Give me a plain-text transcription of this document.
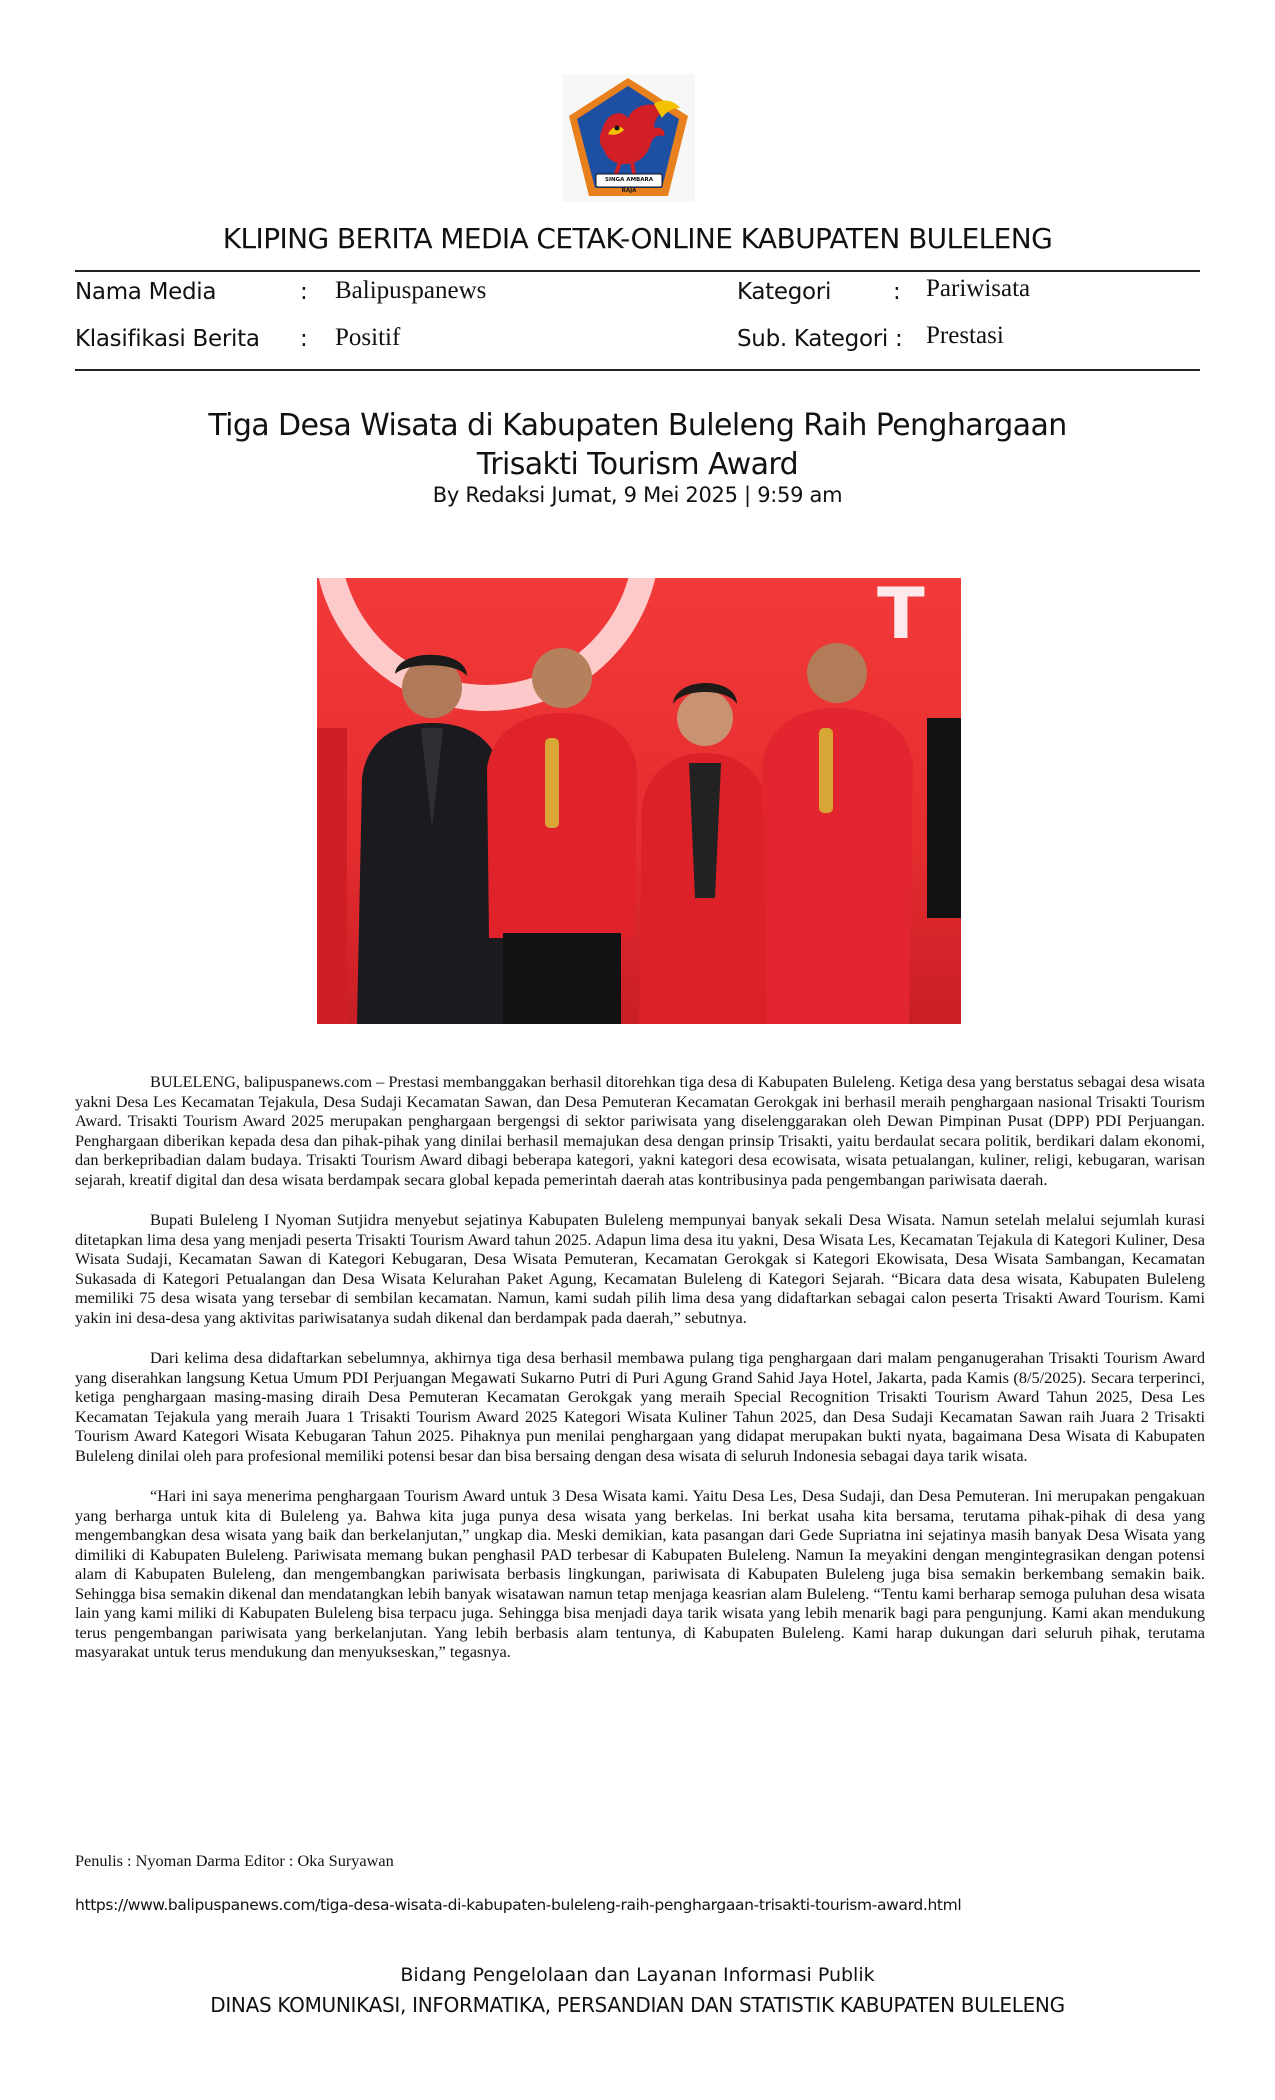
SINGA AMBARA RAJA
KLIPING BERITA MEDIA CETAK-ONLINE KABUPATEN BULELENG
Nama Media	: Balipuspanews	Kategori	: Pariwisata
Klasifikasi Berita : Positif	Sub. Kategori : Prestasi
Tiga Desa Wisata di Kabupaten Buleleng Raih Penghargaan
Trisakti Tourism Award
By Redaksi Jumat, 9 Mei 2025 | 9:59 am
T

BULELENG, balipuspanews.com – Prestasi membanggakan berhasil ditorehkan tiga desa di Kabupaten Buleleng. Ketiga desa yang berstatus sebagai desa wisata yakni Desa Les Kecamatan Tejakula, Desa Sudaji Kecamatan Sawan, dan Desa Pemuteran Kecamatan Gerokgak ini berhasil meraih penghargaan nasional Trisakti Tourism Award. Trisakti Tourism Award 2025 merupakan penghargaan bergengsi di sektor pariwisata yang diselenggarakan oleh Dewan Pimpinan Pusat (DPP) PDI Perjuangan. Penghargaan diberikan kepada desa dan pihak-pihak yang dinilai berhasil memajukan desa dengan prinsip Trisakti, yaitu berdaulat secara politik, berdikari dalam ekonomi, dan berkepribadian dalam budaya. Trisakti Tourism Award dibagi beberapa kategori, yakni kategori desa ecowisata, wisata petualangan, kuliner, religi, kebugaran, warisan sejarah, kreatif digital dan desa wisata berdampak secara global kepada pemerintah daerah atas kontribusinya pada pengembangan pariwisata daerah.

Bupati Buleleng I Nyoman Sutjidra menyebut sejatinya Kabupaten Buleleng mempunyai banyak sekali Desa Wisata. Namun setelah melalui sejumlah kurasi ditetapkan lima desa yang menjadi peserta Trisakti Tourism Award tahun 2025. Adapun lima desa itu yakni, Desa Wisata Les, Kecamatan Tejakula di Kategori Kuliner, Desa Wisata Sudaji, Kecamatan Sawan di Kategori Kebugaran, Desa Wisata Pemuteran, Kecamatan Gerokgak si Kategori Ekowisata, Desa Wisata Sambangan, Kecamatan Sukasada di Kategori Petualangan dan Desa Wisata Kelurahan Paket Agung, Kecamatan Buleleng di Kategori Sejarah. “Bicara data desa wisata, Kabupaten Buleleng memiliki 75 desa wisata yang tersebar di sembilan kecamatan. Namun, kami sudah pilih lima desa yang didaftarkan sebagai calon peserta Trisakti Award Tourism. Kami yakin ini desa-desa yang aktivitas pariwisatanya sudah dikenal dan berdampak pada daerah,” sebutnya.

Dari kelima desa didaftarkan sebelumnya, akhirnya tiga desa berhasil membawa pulang tiga penghargaan dari malam penganugerahan Trisakti Tourism Award yang diserahkan langsung Ketua Umum PDI Perjuangan Megawati Sukarno Putri di Puri Agung Grand Sahid Jaya Hotel, Jakarta, pada Kamis (8/5/2025). Secara terperinci, ketiga penghargaan masing-masing diraih Desa Pemuteran Kecamatan Gerokgak yang meraih Special Recognition Trisakti Tourism Award Tahun 2025, Desa Les Kecamatan Tejakula yang meraih Juara 1 Trisakti Tourism Award 2025 Kategori Wisata Kuliner Tahun 2025, dan Desa Sudaji Kecamatan Sawan raih Juara 2 Trisakti Tourism Award Kategori Wisata Kebugaran Tahun 2025. Pihaknya pun menilai penghargaan yang didapat merupakan bukti nyata, bagaimana Desa Wisata di Kabupaten Buleleng dinilai oleh para profesional memiliki potensi besar dan bisa bersaing dengan desa wisata di seluruh Indonesia sebagai daya tarik wisata.

“Hari ini saya menerima penghargaan Tourism Award untuk 3 Desa Wisata kami. Yaitu Desa Les, Desa Sudaji, dan Desa Pemuteran. Ini merupakan pengakuan yang berharga untuk kita di Buleleng ya. Bahwa kita juga punya desa wisata yang berkelas. Ini berkat usaha kita bersama, terutama pihak-pihak di desa yang mengembangkan desa wisata yang baik dan berkelanjutan,” ungkap dia. Meski demikian, kata pasangan dari Gede Supriatna ini sejatinya masih banyak Desa Wisata yang dimiliki di Kabupaten Buleleng. Pariwisata memang bukan penghasil PAD terbesar di Kabupaten Buleleng. Namun Ia meyakini dengan mengintegrasikan dengan potensi alam di Kabupaten Buleleng, dan mengembangkan pariwisata berbasis lingkungan, pariwisata di Kabupaten Buleleng juga bisa semakin berkembang semakin baik. Sehingga bisa semakin dikenal dan mendatangkan lebih banyak wisatawan namun tetap menjaga keasrian alam Buleleng. “Tentu kami berharap semoga puluhan desa wisata lain yang kami miliki di Kabupaten Buleleng bisa terpacu juga. Sehingga bisa menjadi daya tarik wisata yang lebih menarik bagi para pengunjung. Kami akan mendukung terus pengembangan pariwisata yang berkelanjutan. Yang lebih berbasis alam tentunya, di Kabupaten Buleleng. Kami harap dukungan dari seluruh pihak, terutama masyarakat untuk terus mendukung dan menyukseskan,” tegasnya.

Penulis : Nyoman Darma Editor : Oka Suryawan
https://www.balipuspanews.com/tiga-desa-wisata-di-kabupaten-buleleng-raih-penghargaan-trisakti-tourism-award.html
Bidang Pengelolaan dan Layanan Informasi Publik
DINAS KOMUNIKASI, INFORMATIKA, PERSANDIAN DAN STATISTIK KABUPATEN BULELENG
